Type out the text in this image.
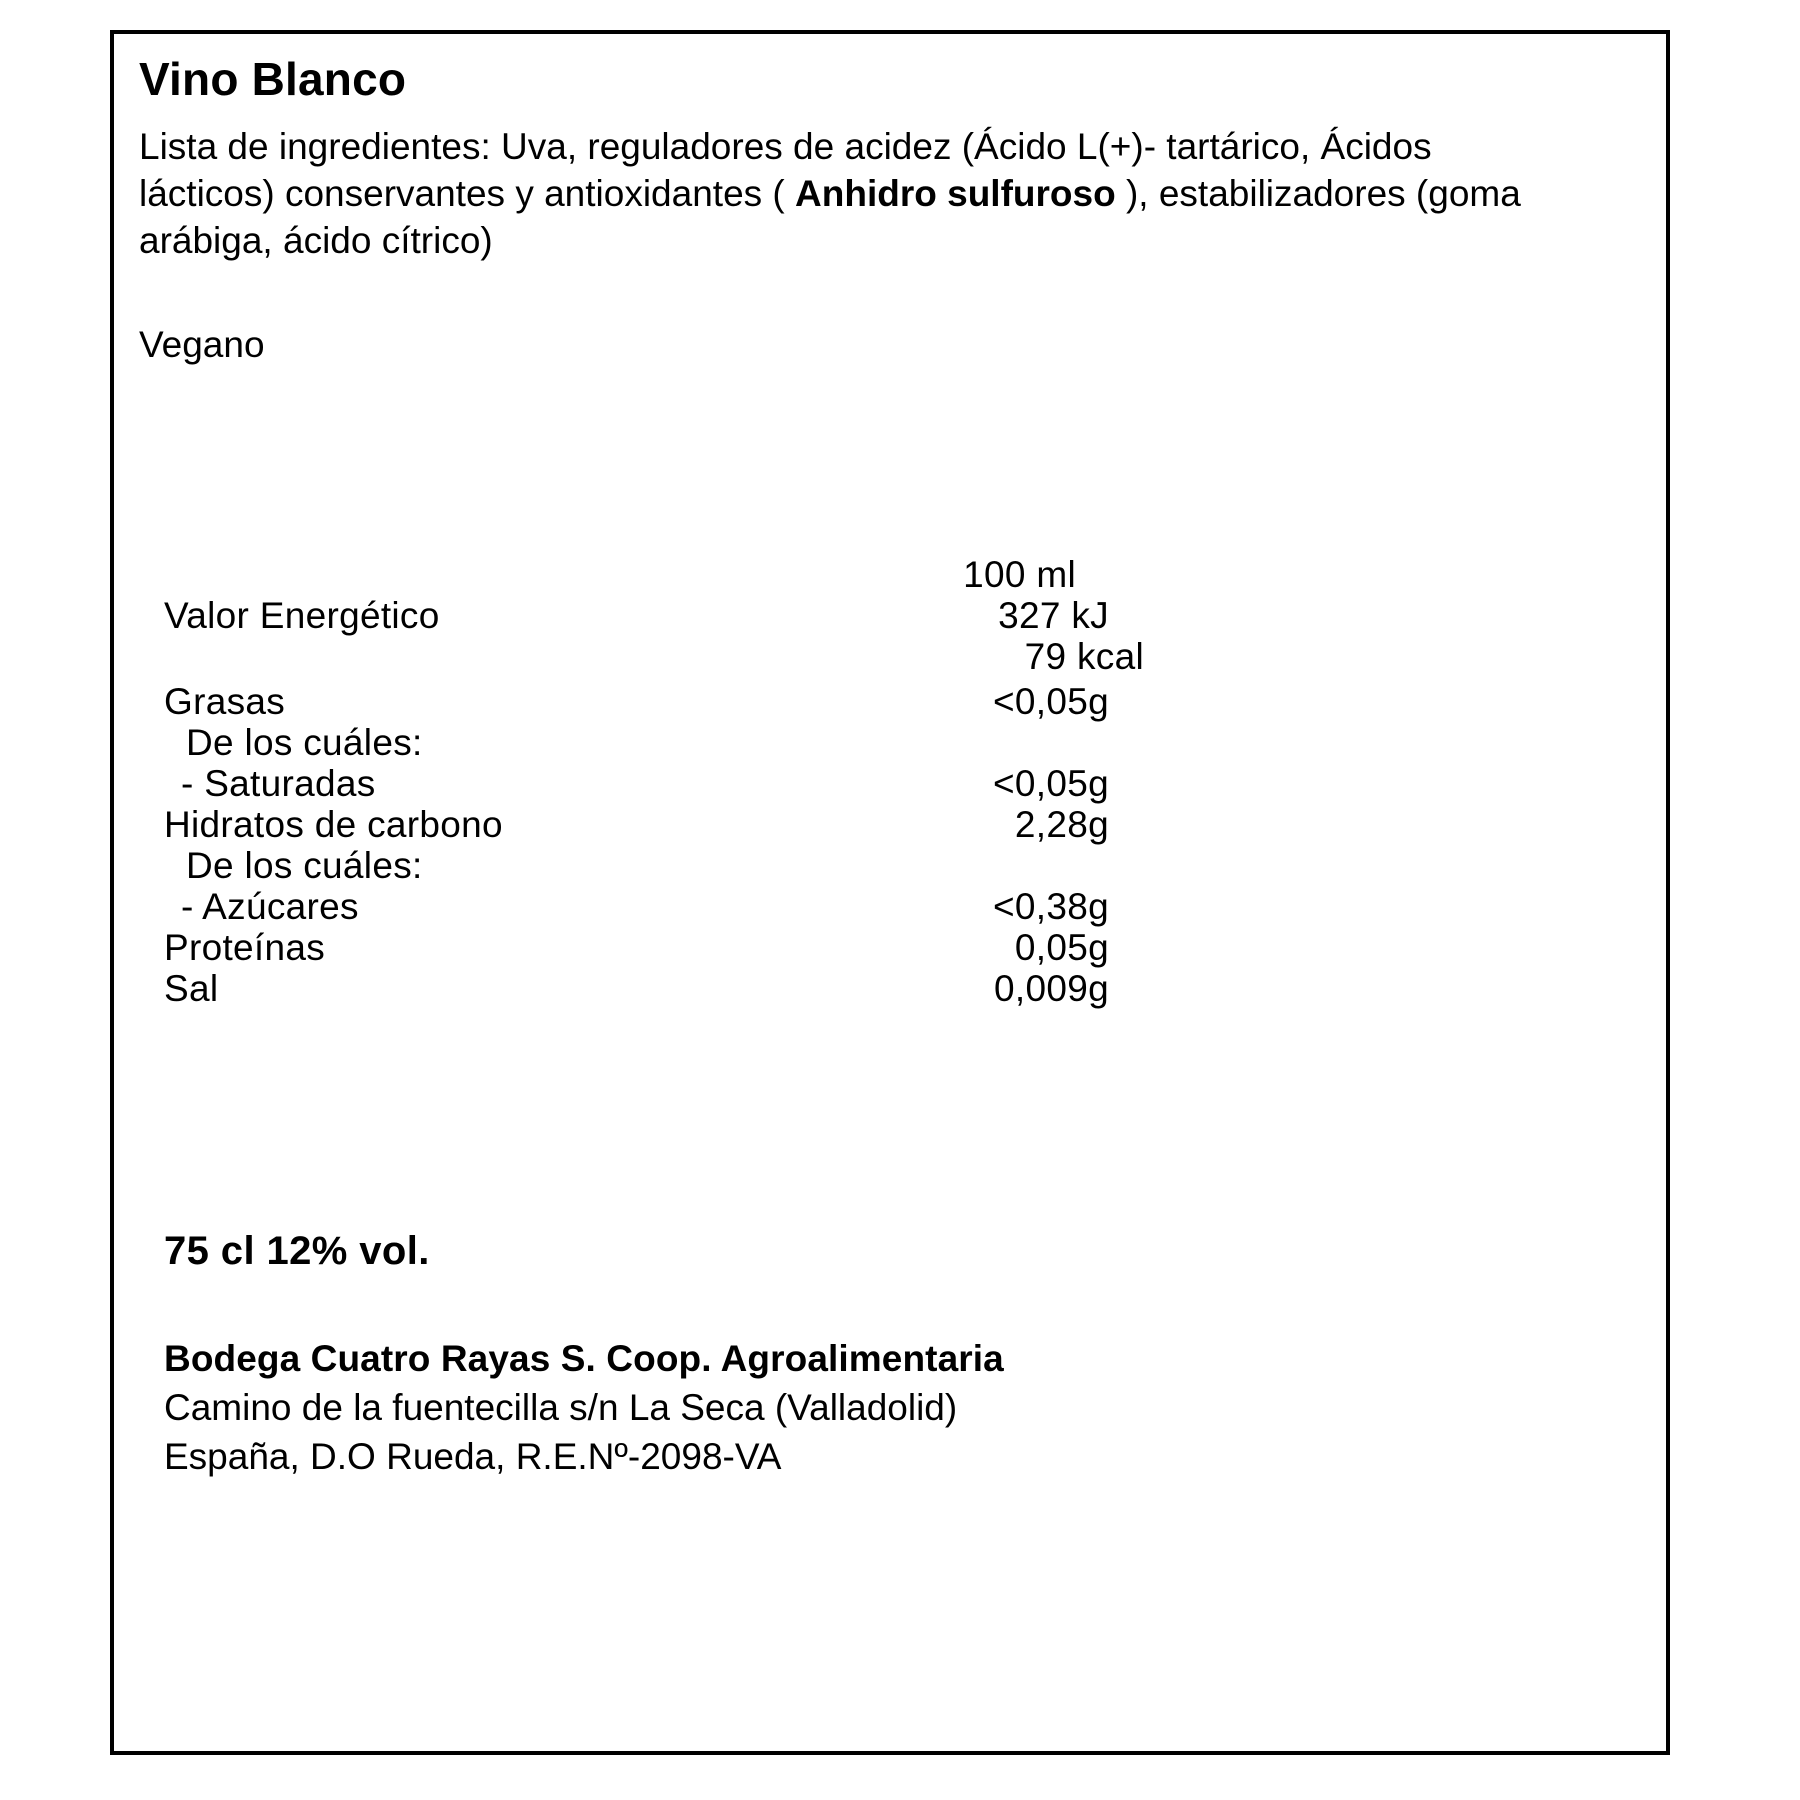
Vino Blanco
Lista de ingredientes: Uva, reguladores de acidez (Ácido L(+)- tartárico, Ácidos lácticos) conservantes y antioxidantes ( Anhidro sulfuroso ), estabilizadores (goma arábiga, ácido cítrico)
Vegano
100 ml
Valor Energético	327 kJ
79 kcal
Grasas	<0,05g
De los cuáles:
- Saturadas	<0,05g
Hidratos de carbono	2,28g
De los cuáles:
- Azúcares	<0,38g
Proteínas	0,05g
Sal	0,009g
75 cl 12% vol.
Bodega Cuatro Rayas S. Coop. Agroalimentaria
Camino de la fuentecilla s/n La Seca (Valladolid)
España, D.O Rueda, R.E.Nº-2098-VA
